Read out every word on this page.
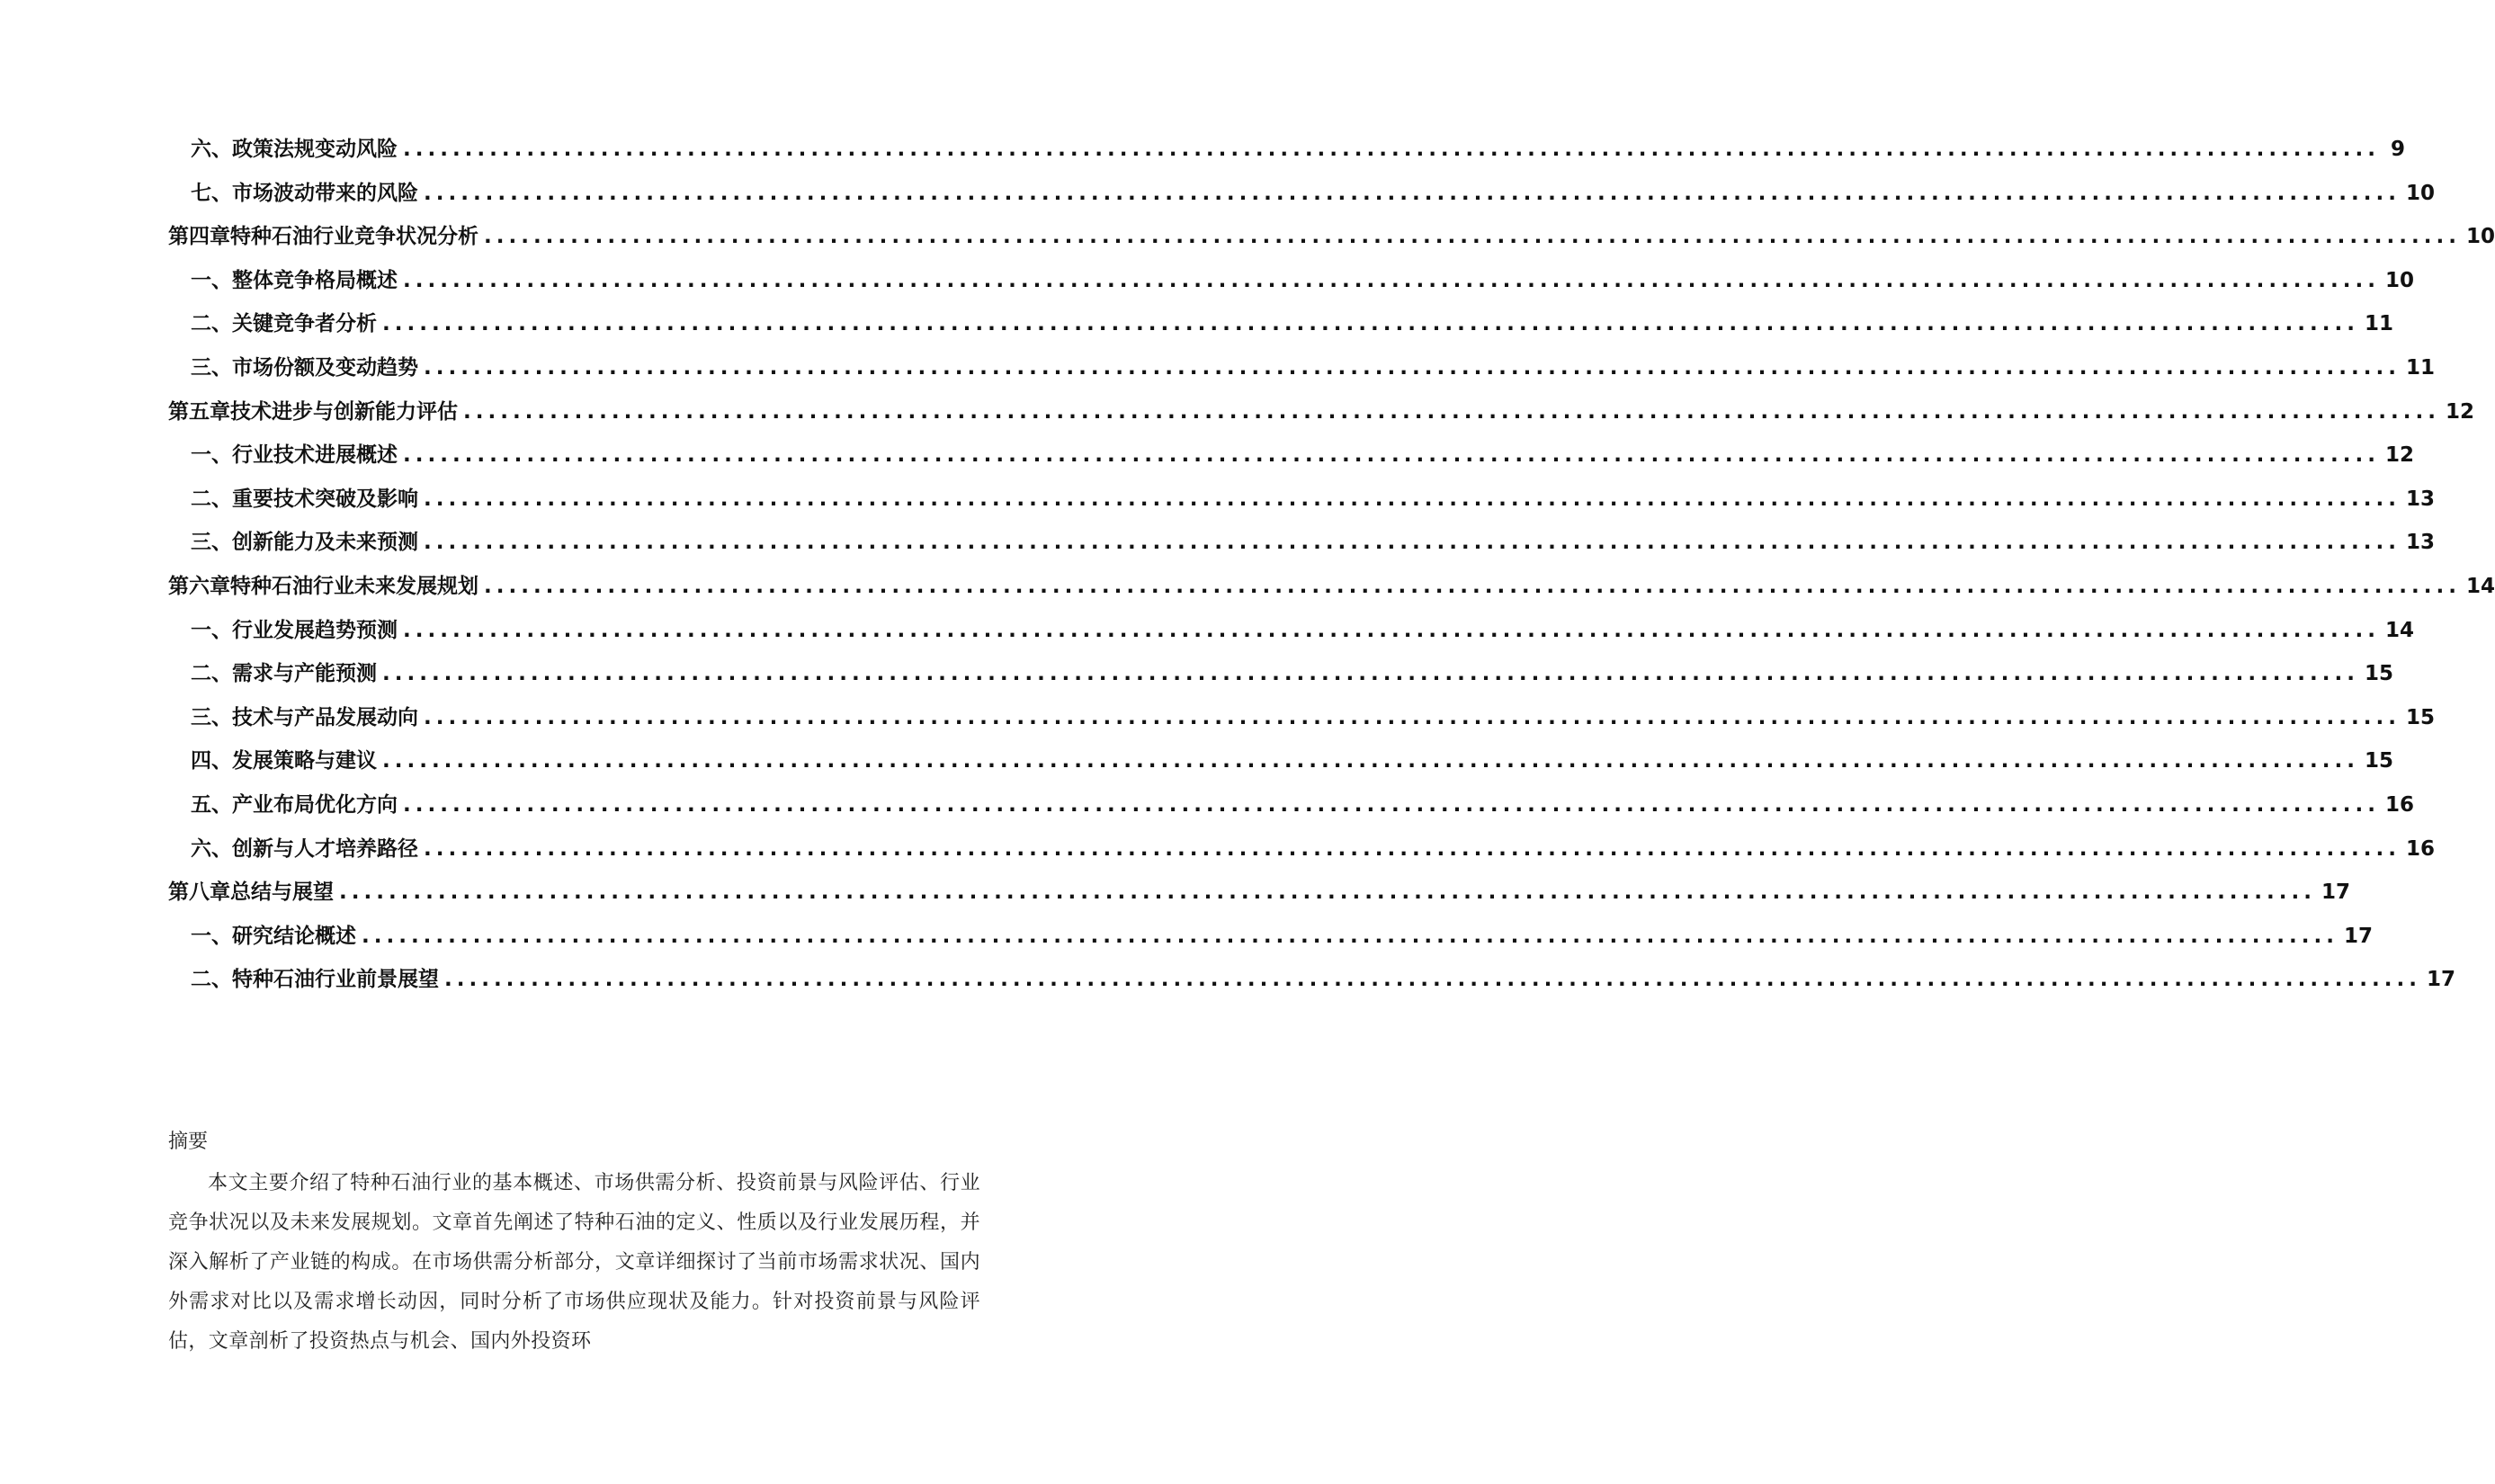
六、 政策法规变动风险 ................................................................................................................................................................ 9
七、 市场波动带来的风险 ................................................................................................................................................................ 10
第四章 特种石油行业竞争状况分析 ................................................................................................................................................................ 10
一、 整体竞争格局概述 ................................................................................................................................................................ 10
二、 关键竞争者分析 ................................................................................................................................................................ 11
三、 市场份额及变动趋势 ................................................................................................................................................................ 11
第五章 技术进步与创新能力评估 ................................................................................................................................................................ 12
一、 行业技术进展概述 ................................................................................................................................................................ 12
二、 重要技术突破及影响 ................................................................................................................................................................ 13
三、 创新能力及未来预测 ................................................................................................................................................................ 13
第六章 特种石油行业未来发展规划 ................................................................................................................................................................ 14
一、 行业发展趋势预测 ................................................................................................................................................................ 14
二、 需求与产能预测 ................................................................................................................................................................ 15
三、 技术与产品发展动向 ................................................................................................................................................................ 15
四、 发展策略与建议 ................................................................................................................................................................ 15
五、 产业布局优化方向 ................................................................................................................................................................ 16
六、 创新与人才培养路径 ................................................................................................................................................................ 16
第八章 总结与展望 ................................................................................................................................................................ 17
一、 研究结论概述 ................................................................................................................................................................ 17
二、 特种石油行业前景展望 ................................................................................................................................................................ 17

摘要

本文主要介绍了特种石油行业的基本概述、市场供需分析、投资前景与风险评估、行业竞争状况以及未来发展规划。文章首先阐述了特种石油的定义、性质以及行业发展历程，并深入解析了产业链的构成。在市场供需分析部分，文章详细探讨了当前市场需求状况、国内外需求对比以及需求增长动因，同时分析了市场供应现状及能力。针对投资前景与风险评估，文章剖析了投资热点与机会、国内外投资环
